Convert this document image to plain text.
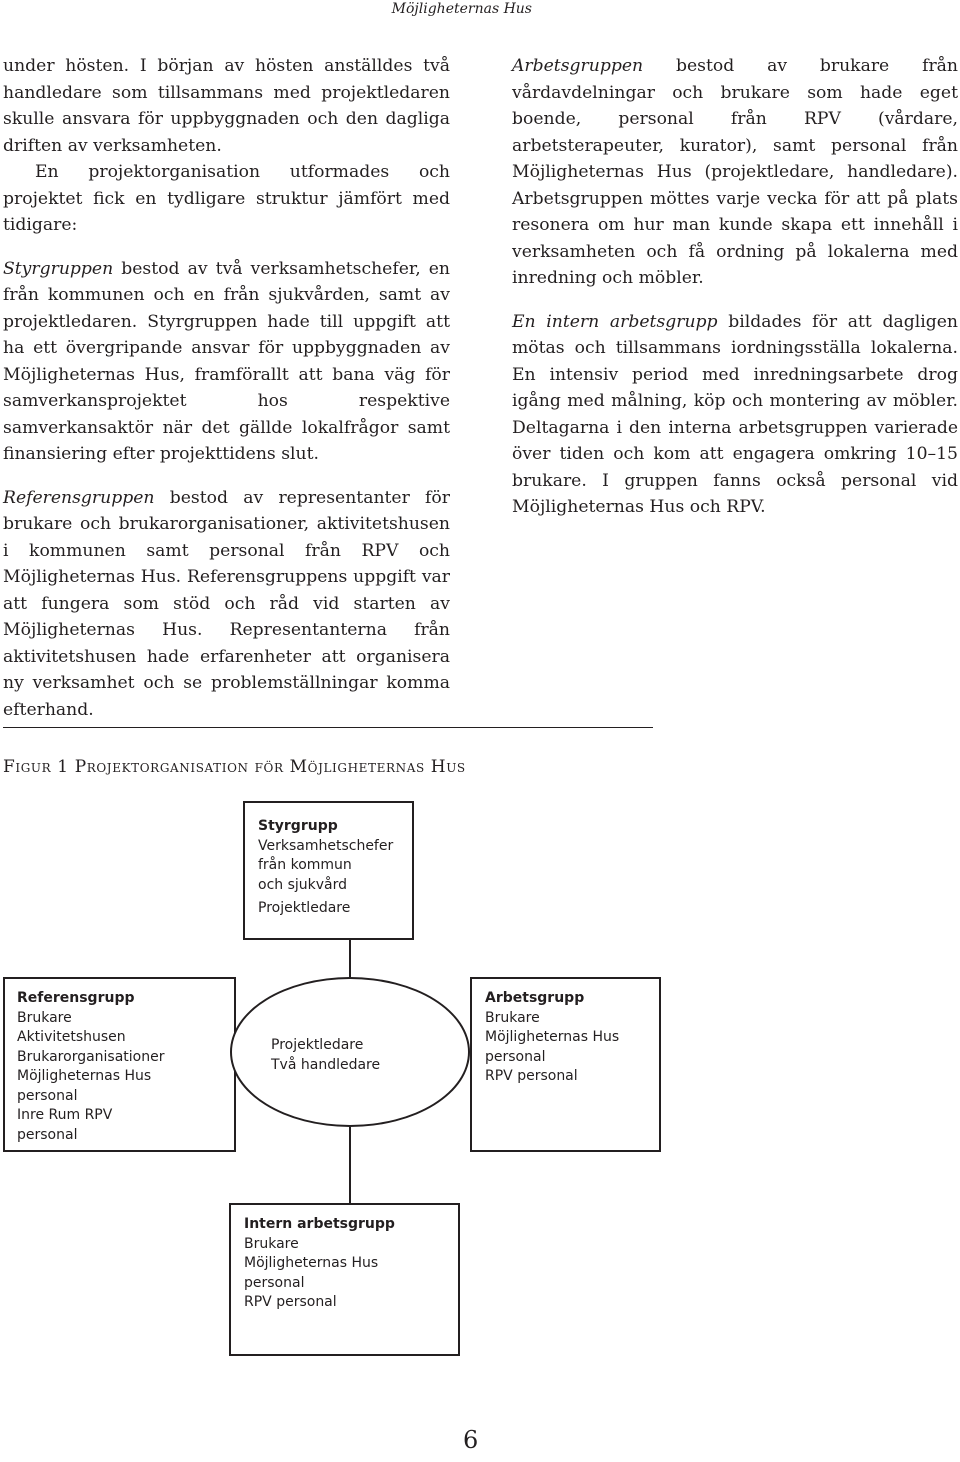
Möjligheternas Hus

under hösten. I början av hösten anställdes två handledare som tillsammans med projektledaren skulle ansvara för uppbyggnaden och den dagliga driften av verksamheten.

En projektorganisation utformades och projektet fick en tydligare struktur jämfört med tidigare:

Styrgruppen bestod av två verksamhetschefer, en från kommunen och en från sjukvården, samt av projektledaren. Styrgruppen hade till uppgift att ha ett övergripande ansvar för uppbyggnaden av Möjligheternas Hus, framförallt att bana väg för samverkansprojektet hos respektive samverkansaktör när det gällde lokalfrågor samt finansiering efter projekttidens slut.

Referensgruppen bestod av representanter för brukare och brukarorganisationer, aktivitetshusen i kommunen samt personal från RPV och Möjligheternas Hus. Referensgruppens uppgift var att fungera som stöd och råd vid starten av Möjligheternas Hus. Representanterna från aktivitetshusen hade erfarenheter att organisera ny verksamhet och se problemställningar komma efterhand.

Arbetsgruppen bestod av brukare från vårdavdelningar och brukare som hade eget boende, personal från RPV (vårdare, arbetsterapeuter, kurator), samt personal från Möjligheternas Hus (projektledare, handledare). Arbetsgruppen möttes varje vecka för att på plats resonera om hur man kunde skapa ett innehåll i verksamheten och få ordning på lokalerna med inredning och möbler.

En intern arbetsgrupp bildades för att dagligen mötas och tillsammans iordningsställa lokalerna. En intensiv period med inredningsarbete drog igång med målning, köp och montering av möbler. Deltagarna i den interna arbetsgruppen varierade över tiden och kom att engagera omkring 10–15 brukare. I gruppen fanns också personal vid Möjligheternas Hus och RPV.

Figur 1 Projektorganisation för Möjligheternas Hus
Styrgrupp
Verksamhetschefer
från kommun
och sjukvård
Projektledare
Referensgrupp
Brukare
Aktivitetshusen
Brukarorganisationer
Möjligheternas Hus
personal
Inre Rum RPV
personal
Projektledare
Två handledare
Arbetsgrupp
Brukare
Möjligheternas Hus
personal
RPV personal
Intern arbetsgrupp
Brukare
Möjligheternas Hus
personal
RPV personal
6
